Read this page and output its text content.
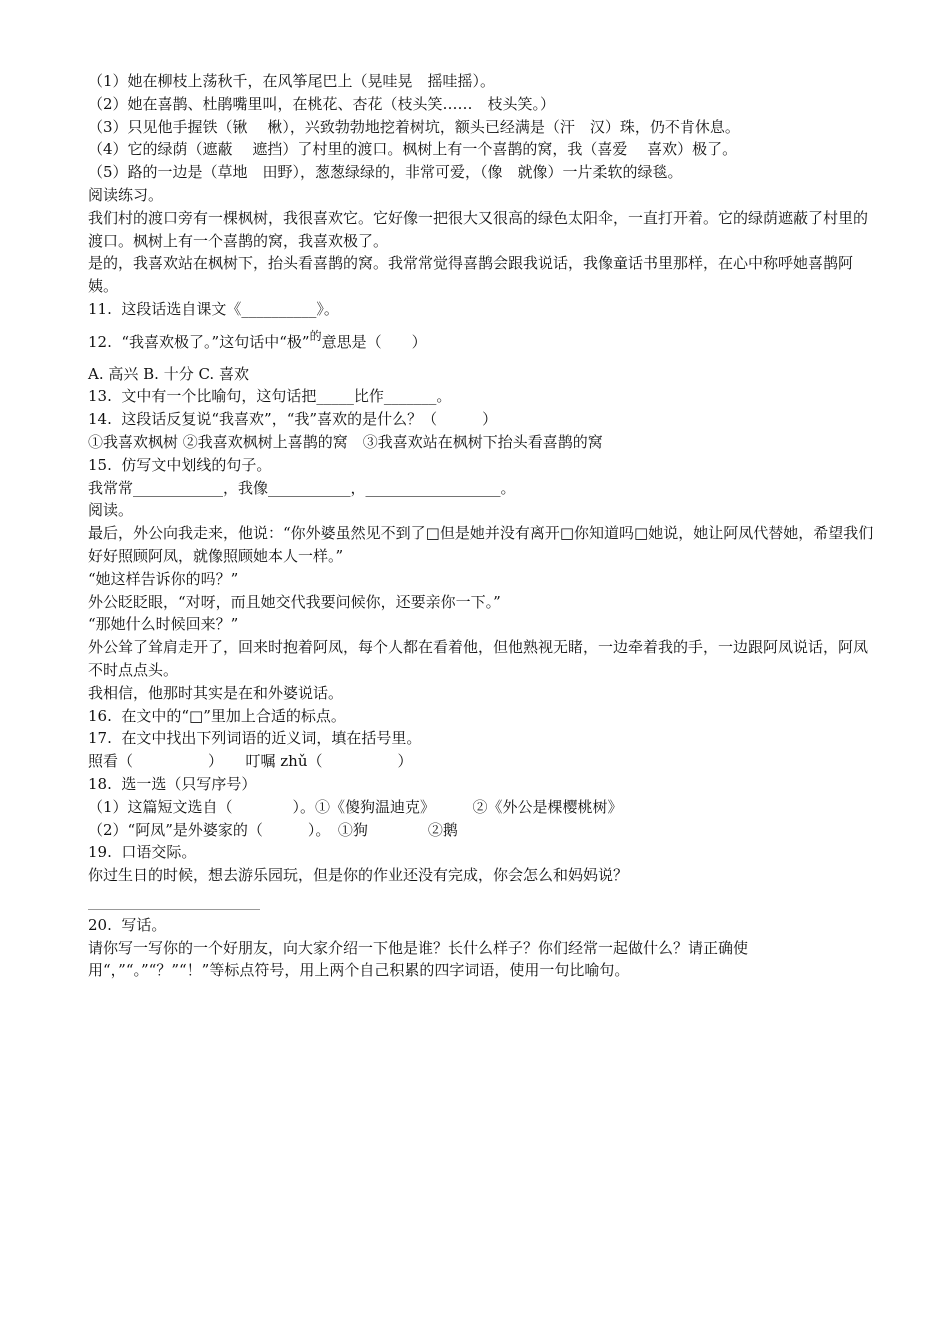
（1）她在柳枝上荡秋千，在风筝尾巴上（晃哇晃　摇哇摇）。
（2）她在喜鹊、杜鹃嘴里叫，在桃花、杏花（枝头笑……　枝头笑。）
（3）只见他手握铁（锹　 楸），兴致勃勃地挖着树坑，额头已经满是（汗　汉）珠，仍不肯休息。
（4）它的绿荫（遮蔽　 遮挡）了村里的渡口。枫树上有一个喜鹊的窝，我（喜爱　 喜欢）极了。
（5）路的一边是（草地　田野），葱葱绿绿的，非常可爱，（像　就像）一片柔软的绿毯。
阅读练习。
我们村的渡口旁有一棵枫树，我很喜欢它。它好像一把很大又很高的绿色太阳伞，一直打开着。它的绿荫遮蔽了村里的渡口。枫树上有一个喜鹊的窝，我喜欢极了。
是的，我喜欢站在枫树下，抬头看喜鹊的窝。我常常觉得喜鹊会跟我说话，我像童话书里那样，在心中称呼她喜鹊阿姨。
11.  这段话选自课文《__________》。
12.  “我喜欢极了。”这句话中“极”$^的$意思是（　　）
A. 高兴 B. 十分 C. 喜欢
13.  文中有一个比喻句，这句话把_____比作_______。
14.  这段话反复说“我喜欢”，“我”喜欢的是什么？（　　　）
①我喜欢枫树 ②我喜欢枫树上喜鹊的窝　③我喜欢站在枫树下抬头看喜鹊的窝
15.  仿写文中划线的句子。
我常常____________，我像___________，__________________。
阅读。
最后，外公向我走来，他说：“你外婆虽然见不到了□但是她并没有离开□你知道吗□她说，她让阿凤代替她，希望我们好好照顾阿凤，就像照顾她本人一样。”
“她这样告诉你的吗？”
外公眨眨眼，“对呀，而且她交代我要问候你，还要亲你一下。”
“那她什么时候回来？”
外公耸了耸肩走开了，回来时抱着阿凤，每个人都在看着他，但他熟视无睹，一边牵着我的手，一边跟阿凤说话，阿凤不时点点头。
我相信，他那时其实是在和外婆说话。
16.  在文中的“□”里加上合适的标点。
17.  在文中找出下列词语的近义词，填在括号里。
照看（　　　　　）　　叮嘱 zhǔ（　　　　　）
18.  选一选（只写序号）
（1）这篇短文选自（　　　　）。①《傻狗温迪克》　　　②《外公是棵樱桃树》
（2）“阿凤”是外婆家的（　　　）。　①狗　　　　②鹅
19.  口语交际。
你过生日的时候，想去游乐园玩，但是你的作业还没有完成，你会怎么和妈妈说？
20.  写话。
请你写一写你的一个好朋友，向大家介绍一下他是谁？长什么样子？你们经常一起做什么？请正确使用“，”“。”“？”“！”等标点符号，用上两个自己积累的四字词语，使用一句比喻句。
